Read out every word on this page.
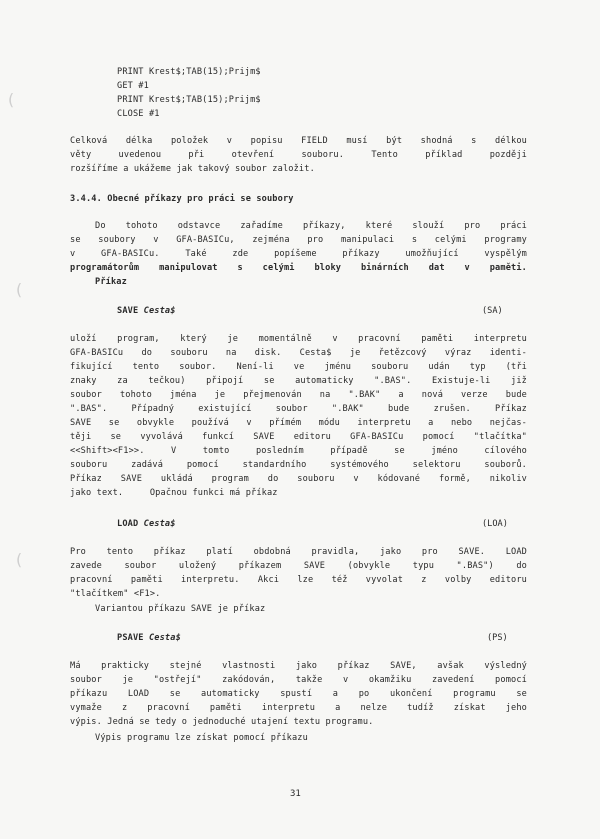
(
(
(

PRINT Krest$;TAB(15);Prijm$

GET #1

PRINT Krest$;TAB(15);Prijm$

CLOSE #1

Celková délka položek v popisu FIELD musí být shodná s délkou

věty uvedenou při otevření souboru. Tento příklad později

rozšíříme a ukážeme jak takový soubor založit.

3.4.4. Obecné příkazy pro práci se soubory

Do tohoto odstavce zařadíme příkazy, které slouží pro práci

se soubory v GFA-BASICu, zejména pro manipulaci s celými programy

v GFA-BASICu. Také zde popíšeme příkazy umožňující vyspělým

programátorům manipulovat s celými bloky binárních dat v paměti.

Příkaz

SAVE Cesta$	(SA)

uloží program, který je momentálně v pracovní paměti interpretu

GFA-BASICu do souboru na disk. Cesta$ je řetězcový výraz identi-

fikující tento soubor. Není-li ve jménu souboru udán typ (tři

znaky za tečkou) připojí se automaticky ".BAS". Existuje-li již

soubor tohoto jména je přejmenován na ".BAK" a nová verze bude

".BAS". Případný existující soubor ".BAK" bude zrušen. Příkaz

SAVE se obvykle používá v přímém módu interpretu a nebo nejčas-

těji se vyvolává funkcí SAVE editoru GFA-BASICu pomocí "tlačítka"

<<Shift><F1>>. V tomto posledním případě se jméno cílového

souboru zadává pomocí standardního systémového selektoru souborů.

Příkaz SAVE ukládá program do souboru v kódované formě, nikoliv

jako text.     Opačnou funkci má příkaz

LOAD Cesta$	(LOA)

Pro tento příkaz platí obdobná pravidla, jako pro SAVE. LOAD

zavede soubor uložený příkazem SAVE (obvykle typu ".BAS") do

pracovní paměti interpretu. Akci lze též vyvolat z volby editoru

"tlačítkem" <F1>.

Variantou příkazu SAVE je příkaz

PSAVE Cesta$	(PS)

Má prakticky stejné vlastnosti jako příkaz SAVE, avšak výsledný

soubor je "ostřejí" zakódován, takže v okamžiku zavedení pomocí

příkazu LOAD se automaticky spustí a po ukončení programu se

vymaže z pracovní paměti interpretu a nelze tudíž získat jeho

výpis. Jedná se tedy o jednoduché utajení textu programu.

Výpis programu lze získat pomocí příkazu

31
